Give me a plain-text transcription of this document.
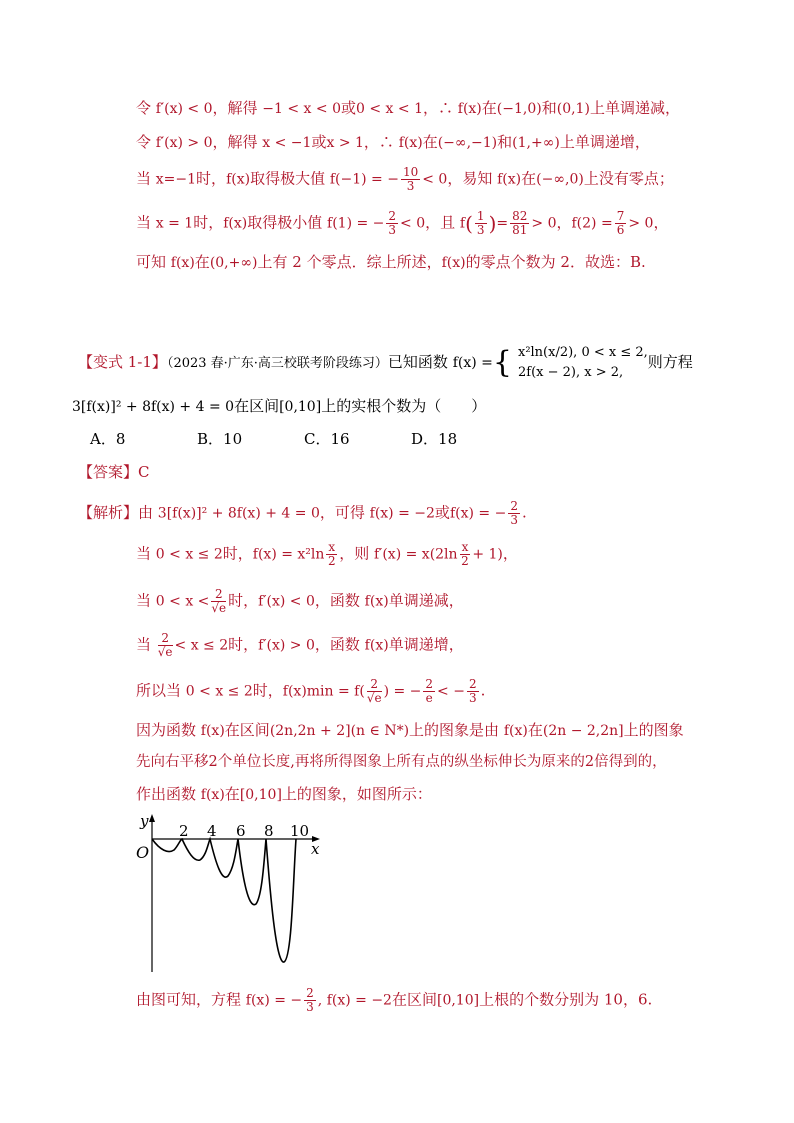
令 f′(x) < 0，解得 −1 < x < 0或0 < x < 1，∴ f(x)在(−1,0)和(0,1)上单调递减，
令 f′(x) > 0，解得 x < −1或x > 1，∴ f(x)在(−∞,−1)和(1,+∞)上单调递增，
当 x=−1时，f(x)取得极大值 f(−1) = − $\frac{10}{3} < 0$，易知 f(x)在(−∞,0)上没有零点；
当 x = 1时，f(x)取得极小值 f(1) = − $\frac{2}{3} < 0$，且 $f( \frac{1}{3}$ )= $\frac{82}{81} > 0$，$f(2) = \frac{7}{6} > 0$，
可知 f(x)在(0,+∞)上有 2 个零点．综上所述，f(x)的零点个数为 2．故选：B.
【变式 1-1】（2023 春·广东·高三校联考阶段练习）已知函数 f(x) ={ x²ln(x/2), 0 < x ≤ 2,
2f(x − 2), x > 2,
则方程
3[f(x)]² + 8f(x) + 4 = 0在区间[0,10]上的实根个数为（　　）
A．8	B．10	C．16	D．18
【答案】C
【解析】由 3[f(x)]² + 8f(x) + 4 = 0，可得 f(x) = −2或f(x) = − $\frac{2}{3}$ .
当 0 < x ≤ 2时，$f(x) = x^2\ln \frac{x}{2}$ ，则 $f'(x) = x(2\ln \frac{x}{2} + 1)$，
当 $0 < x < \frac{2}{√e}$ 时，f′(x) < 0，函数 f(x)单调递减，
当 $\frac{2}{√e} < x \le 2$时，f′(x) > 0，函数 f(x)单调递增，
所以当 0 < x ≤ 2时，$f(x)\min = f( \frac{2}{√e}$ ) = − $\frac{2}{e}$ < − $\frac{2}{3}$ .
因为函数 f(x)在区间(2n,2n + 2](n ∈ N*)上的图象是由 f(x)在(2n − 2,2n]上的图象
先向右平移2个单位长度,再将所得图象上所有点的纵坐标伸长为原来的2倍得到的，
作出函数 f(x)在[0,10]上的图象，如图所示：
y
x
O
2 4 6 8 10
由图可知，方程 f(x) = − $\frac{2}{3}$ , f(x) = −2在区间[0,10]上根的个数分别为 10，6.
